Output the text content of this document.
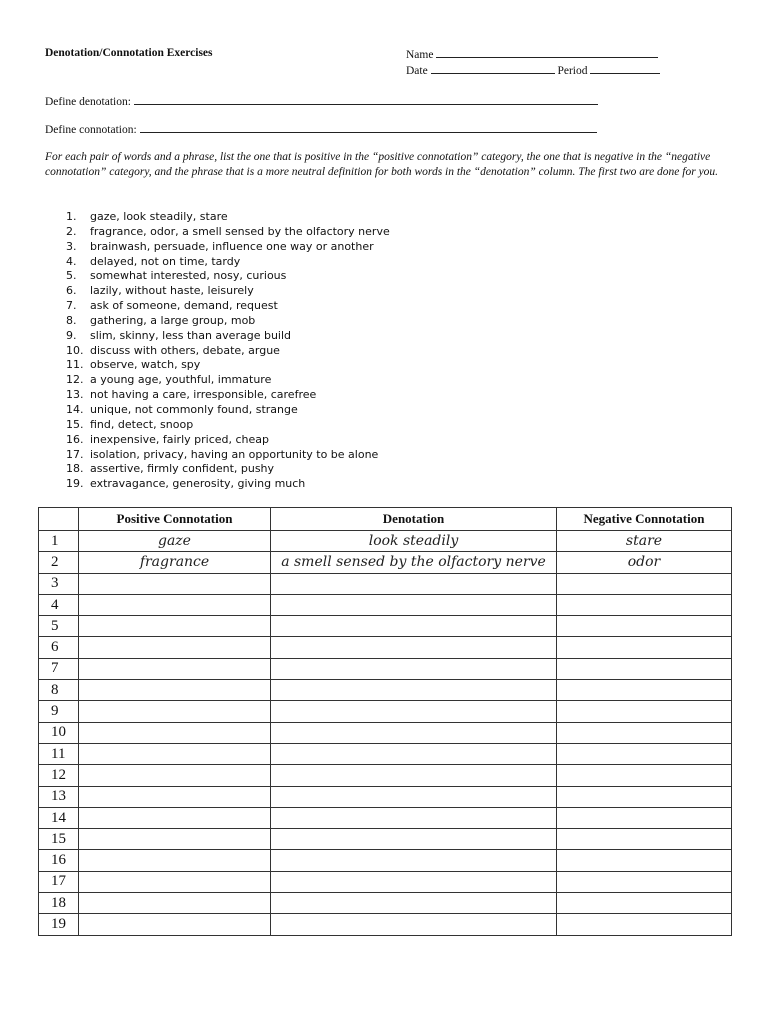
Denotation/Connotation Exercises	Name
Date	Period
Define denotation:
Define connotation:
For each pair of words and a phrase, list the one that is positive in the “positive connotation” category, the one that is negative in the “negative connotation” category, and the phrase that is a more neutral definition for both words in the “denotation” column. The first two are done for you.
1. gaze, look steadily, stare
2. fragrance, odor, a smell sensed by the olfactory nerve
3. brainwash, persuade, influence one way or another
4. delayed, not on time, tardy
5. somewhat interested, nosy, curious
6. lazily, without haste, leisurely
7. ask of someone, demand, request
8. gathering, a large group, mob
9. slim, skinny, less than average build
10. discuss with others, debate, argue
11. observe, watch, spy
12. a young age, youthful, immature
13. not having a care, irresponsible, carefree
14. unique, not commonly found, strange
15. find, detect, snoop
16. inexpensive, fairly priced, cheap
17. isolation, privacy, having an opportunity to be alone
18. assertive, firmly confident, pushy
19. extravagance, generosity, giving much
	Positive Connotation	Denotation	Negative Connotation
1	gaze	look steadily	stare
2	fragrance	a smell sensed by the olfactory nerve	odor
3			
4			
5			
6			
7			
8			
9			
10			
11			
12			
13			
14			
15			
16			
17			
18			
19			
